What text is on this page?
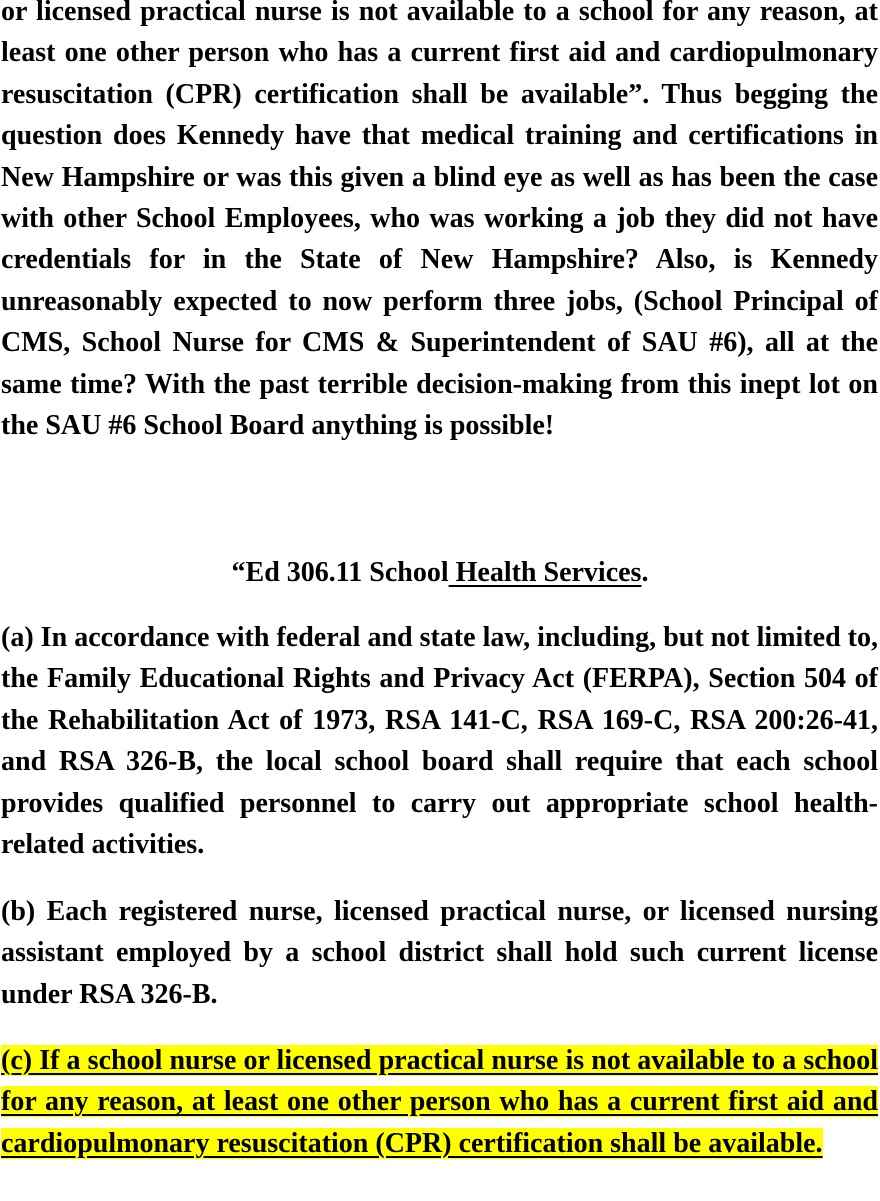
or licensed practical nurse is not available to a school for any reason, at least one other person who has a current first aid and cardiopulmonary resuscitation (CPR) certification shall be available”. Thus begging the question does Kennedy have that medical training and certifications in New Hampshire or was this given a blind eye as well as has been the case with other School Employees, who was working a job they did not have credentials for in the State of New Hampshire? Also, is Kennedy unreasonably expected to now perform three jobs, (School Principal of CMS, School Nurse for CMS & Superintendent of SAU #6), all at the same time? With the past terrible decision-making from this inept lot on the SAU #6 School Board anything is possible!

“Ed 306.11 School Health Services.

(a) In accordance with federal and state law, including, but not limited to, the Family Educational Rights and Privacy Act (FERPA), Section 504 of the Rehabilitation Act of 1973, RSA 141-C, RSA 169-C, RSA 200:26-41, and RSA 326-B, the local school board shall require that each school provides qualified personnel to carry out appropriate school health-related activities.

(b) Each registered nurse, licensed practical nurse, or licensed nursing assistant employed by a school district shall hold such current license under RSA 326-B.

(c) If a school nurse or licensed practical nurse is not available to a school for any reason, at least one other person who has a current first aid and cardiopulmonary resuscitation (CPR) certification shall be available.
